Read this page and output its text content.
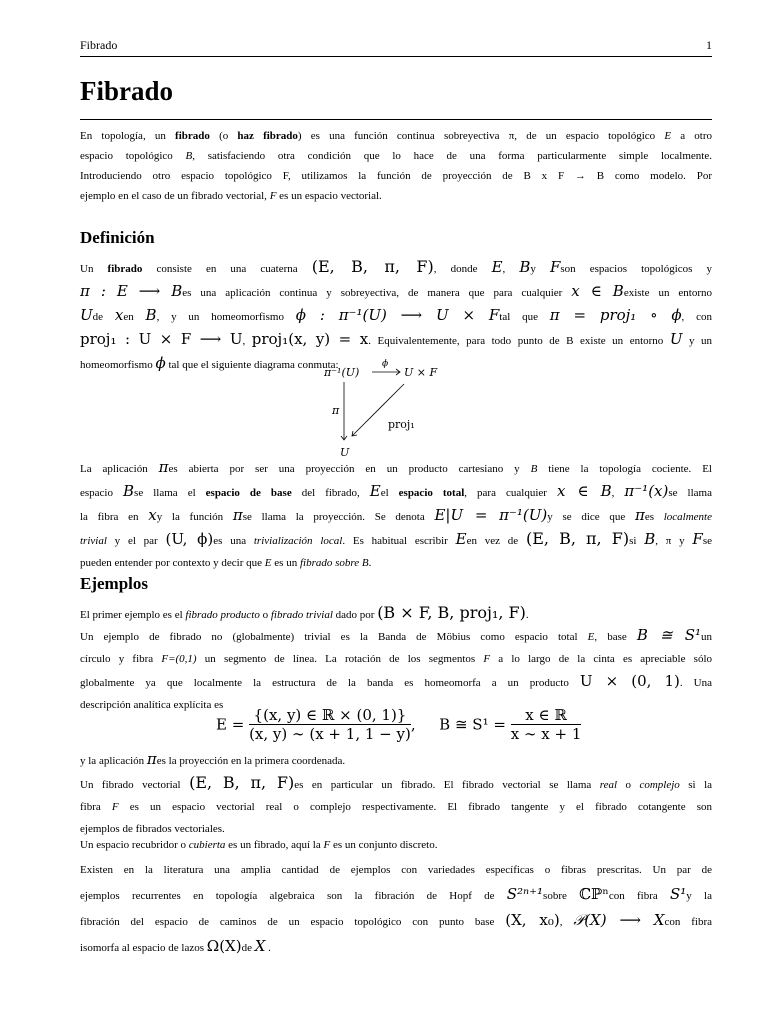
Fibrado	1
Fibrado
En topología, un fibrado (o haz fibrado) es una función continua sobreyectiva π, de un espacio topológico E a otro
espacio topológico B, satisfaciendo otra condición que lo hace de una forma particularmente simple localmente.
Introduciendo otro espacio topológico F, utilizamos la función de proyección de B x F → B como modelo. Por
ejemplo en el caso de un fibrado vectorial, F es un espacio vectorial.
Definición
Un fibrado consiste en una cuaterna (E, B, π, F), donde E, By Fson espacios topológicos y
π : E ⟶ Bes una aplicación continua y sobreyectiva, de manera que para cualquier x ∈ Bexiste un entorno
Ude xen B, y un homeomorfismo ϕ : π⁻¹(U) ⟶ U × Ftal que π = proj₁ ∘ ϕ, con
proj₁ : U × F ⟶ U, proj₁(x, y) = x. Equivalentemente, para todo punto de B existe un entorno U y un
homeomorfismo ϕ tal que el siguiente diagrama conmuta:
π⁻¹(U)	U × F
ϕ
π
proj₁
U
La aplicación πes abierta por ser una proyección en un producto cartesiano y B tiene la topología cociente. El
espacio Bse llama el espacio de base del fibrado, Eel espacio total, para cualquier x ∈ B, π⁻¹(x)se llama
la fibra en xy la función πse llama la proyección. Se denota E|U = π⁻¹(U)y se dice que πes localmente
trivial y el par (U, ϕ)es una trivialización local. Es habitual escribir Een vez de (E, B, π, F)si B, π y Fse
pueden entender por contexto y decir que E es un fibrado sobre B.
Ejemplos
El primer ejemplo es el fibrado producto o fibrado trivial dado por (B × F, B, proj₁, F).
Un ejemplo de fibrado no (globalmente) trivial es la Banda de Möbius como espacio total E, base B ≅ S¹un
círculo y fibra F=(0,1) un segmento de línea. La rotación de los segmentos F a lo largo de la cinta es apreciable sólo
globalmente ya que localmente la estructura de la banda es homeomorfa a un producto U × (0, 1). Una
descripción analítica explícita es
$E = \frac{\text{\{(x, y) ∈ ℝ × (0, 1)\}}}{(x, y) \sim (x + 1, 1 - y)}$ , B ≅ $S^1 = \frac{\text{x ∈ ℝ}}{x \sim x + 1}$
y la aplicación πes la proyección en la primera coordenada.
Un fibrado vectorial (E, B, π, F)es en particular un fibrado. El fibrado vectorial se llama real o complejo si la
fibra F es un espacio vectorial real o complejo respectivamente. El fibrado tangente y el fibrado cotangente son
ejemplos de fibrados vectoriales.
Un espacio recubridor o cubierta es un fibrado, aquí la F es un conjunto discreto.
Existen en la literatura una amplia cantidad de ejemplos con variedades específicas o fibras prescritas. Un par de
ejemplos recurrentes en topología algebraica son la fibración de Hopf de S²ⁿ⁺¹sobre ℂℙⁿcon fibra S¹y la
fibración del espacio de caminos de un espacio topológico con punto base (X, x₀), 𝒫(X) ⟶ Xcon fibra
isomorfa al espacio de lazos Ω(X)de X .
